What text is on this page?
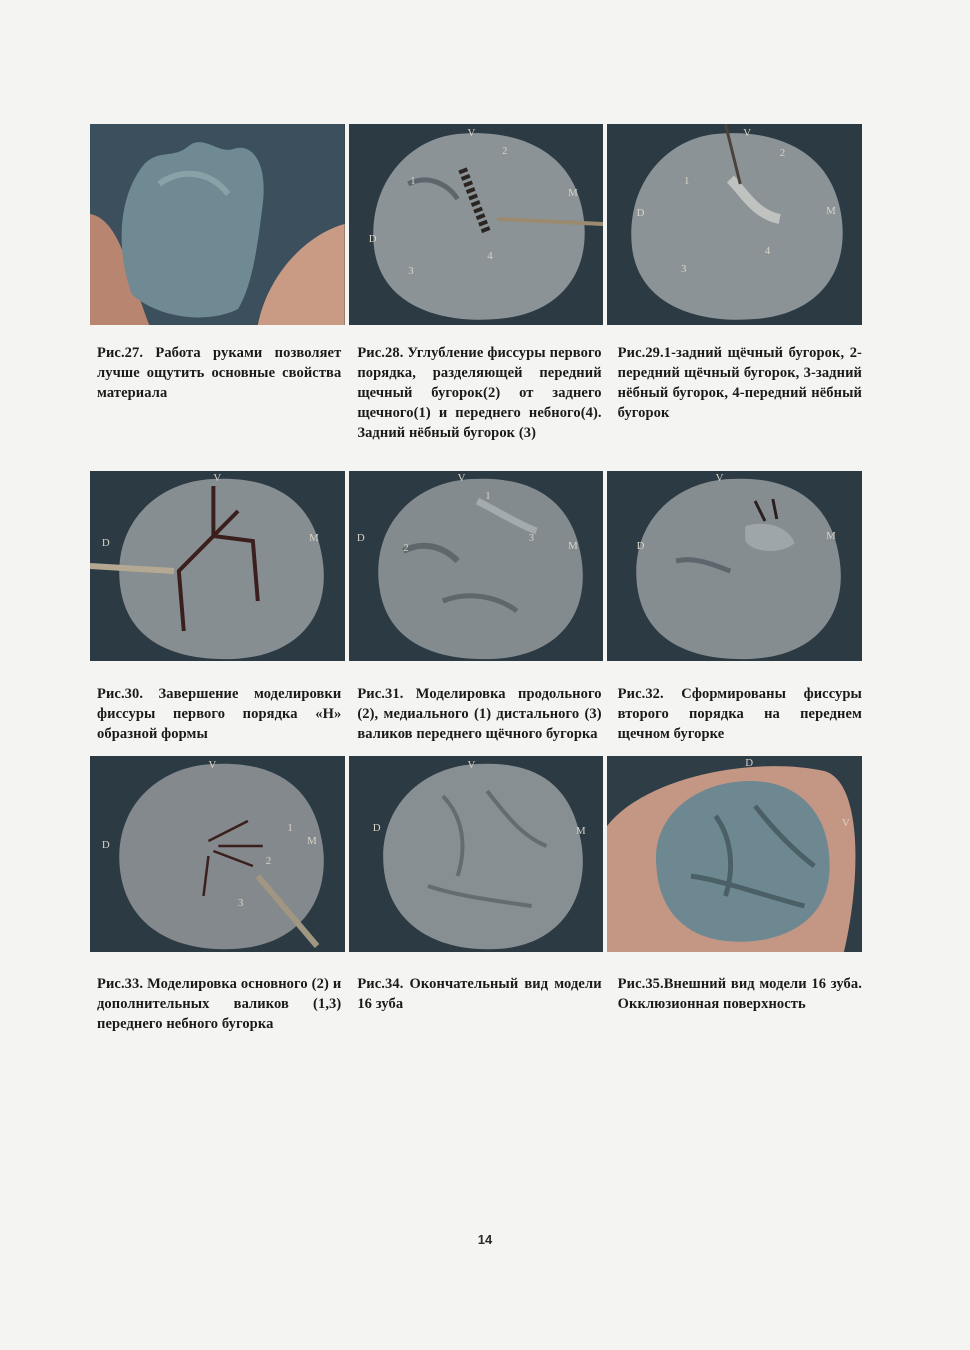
V
D
M
1
2
3
4
V
D	M
1
2
3
4
Рис.27. Работа руками позволяет лучше ощутить основные свойства материала
Рис.28. Углубление фиссуры первого порядка, разделяющей передний щечный бугорок(2) от заднего щечного(1) и переднего небного(4). Задний нёбный бугорок (3)
Рис.29.1-задний щёчный бугорок, 2-передний щёчный бугорок, 3-задний нёбный бугорок, 4-передний нёбный бугорок
V
D	M
V
D
M
1
2
3
V
D
M
Рис.30. Завершение моделировки фиссуры первого порядка «Н» образной формы
Рис.31. Моделировка продольного (2), медиального (1) дистального (3) валиков переднего щёчного бугорка
Рис.32. Сформированы фиссуры второго порядка на переднем щечном бугорке
V
D	M
1
2
3
V
D	M
D
V
Рис.33. Моделировка основного (2) и дополнительных валиков (1,3) переднего небного бугорка
Рис.34. Окончательный вид модели 16 зуба
Рис.35.Внешний вид модели 16 зуба. Окклюзионная поверхность
14
